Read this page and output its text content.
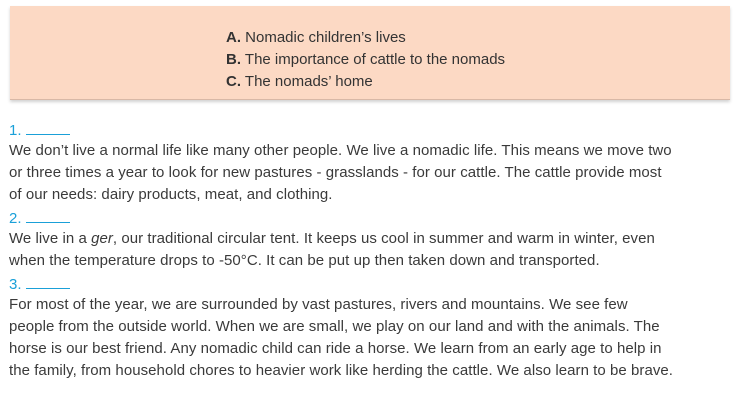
A. Nomadic children’s lives
B. The importance of cattle to the nomads
C. The nomads’ home
1.

We don’t live a normal life like many other people. We live a nomadic life. This means we move two
or three times a year to look for new pastures - grasslands - for our cattle. The cattle provide most
of our needs: dairy products, meat, and clothing.

2.

We live in a ger, our traditional circular tent. It keeps us cool in summer and warm in winter, even
when the temperature drops to -50°C. It can be put up then taken down and transported.

3.

For most of the year, we are surrounded by vast pastures, rivers and mountains. We see few
people from the outside world. When we are small, we play on our land and with the animals. The
horse is our best friend. Any nomadic child can ride a horse. We learn from an early age to help in
the family, from household chores to heavier work like herding the cattle. We also learn to be brave.
